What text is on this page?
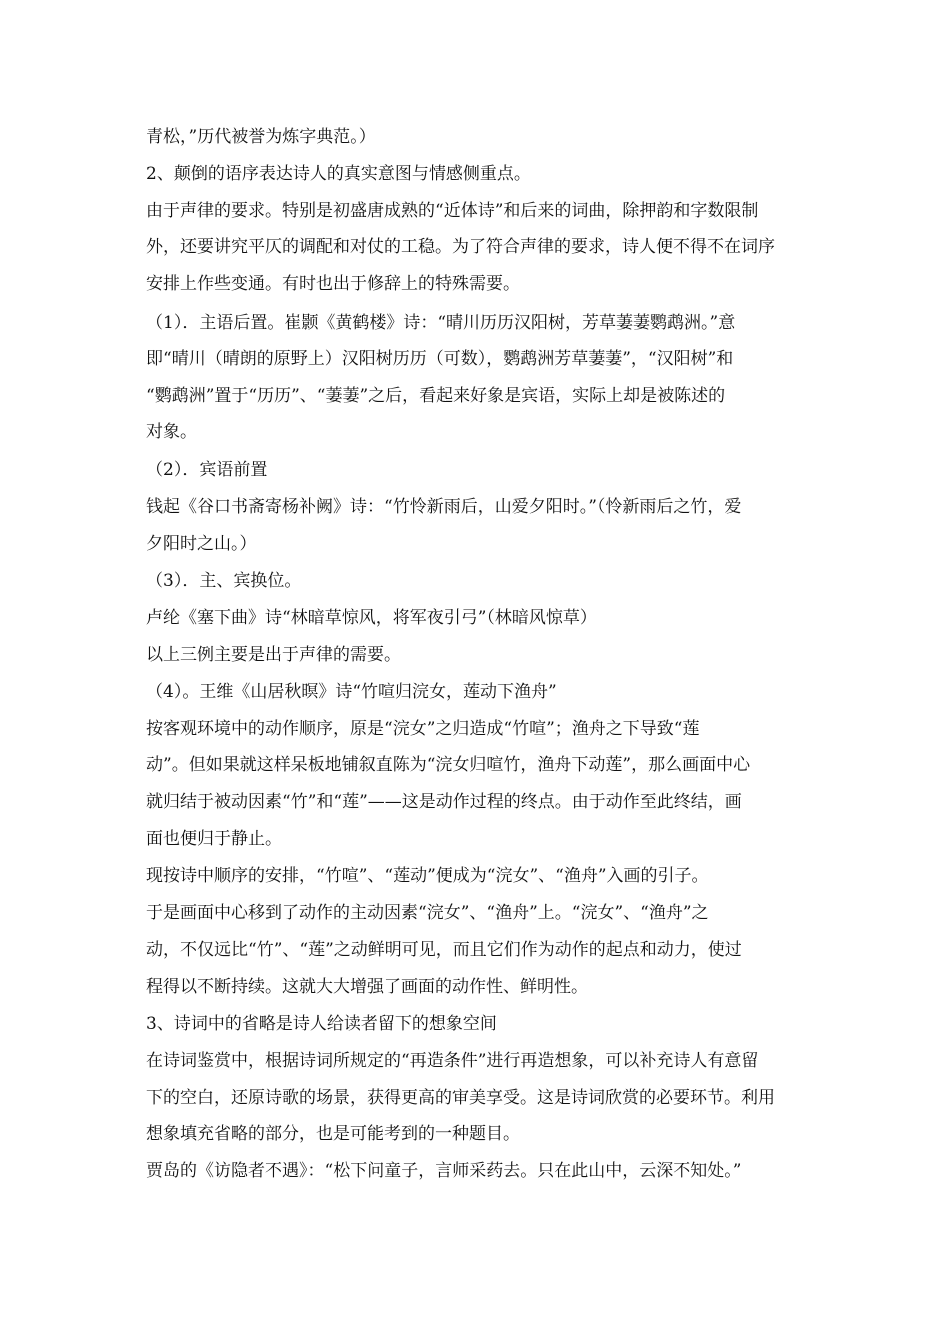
青松，”历代被誉为炼字典范。）
2、颠倒的语序表达诗人的真实意图与情感侧重点。
由于声律的要求。特别是初盛唐成熟的“近体诗”和后来的词曲，除押韵和字数限制
外，还要讲究平仄的调配和对仗的工稳。为了符合声律的要求，诗人便不得不在词序
安排上作些变通。有时也出于修辞上的特殊需要。
（1）．主语后置。崔颢《黄鹤楼》诗：“晴川历历汉阳树，芳草萋萋鹦鹉洲。”意
即“晴川（晴朗的原野上）汉阳树历历（可数），鹦鹉洲芳草萋萋”，“汉阳树”和
“鹦鹉洲”置于“历历”、“萋萋”之后，看起来好象是宾语，实际上却是被陈述的
对象。
（2）．宾语前置
钱起《谷口书斋寄杨补阙》诗：“竹怜新雨后，山爱夕阳时。”（怜新雨后之竹，爱
夕阳时之山。）
（3）．主、宾换位。
卢纶《塞下曲》诗“林暗草惊风，将军夜引弓”（林暗风惊草）
以上三例主要是出于声律的需要。
（4）。王维《山居秋暝》诗“竹喧归浣女，莲动下渔舟”
按客观环境中的动作顺序，原是“浣女”之归造成“竹喧”；渔舟之下导致“莲
动”。但如果就这样呆板地铺叙直陈为“浣女归喧竹，渔舟下动莲”，那么画面中心
就归结于被动因素“竹”和“莲”——这是动作过程的终点。由于动作至此终结，画
面也便归于静止。
现按诗中顺序的安排，“竹喧”、“莲动”便成为“浣女”、“渔舟”入画的引子。
于是画面中心移到了动作的主动因素“浣女”、“渔舟”上。“浣女”、“渔舟”之
动，不仅远比“竹”、“莲”之动鲜明可见，而且它们作为动作的起点和动力，使过
程得以不断持续。这就大大增强了画面的动作性、鲜明性。
3、诗词中的省略是诗人给读者留下的想象空间
在诗词鉴赏中，根据诗词所规定的“再造条件”进行再造想象，可以补充诗人有意留
下的空白，还原诗歌的场景，获得更高的审美享受。这是诗词欣赏的必要环节。利用
想象填充省略的部分，也是可能考到的一种题目。
贾岛的《访隐者不遇》：“松下问童子，言师采药去。只在此山中，云深不知处。”
